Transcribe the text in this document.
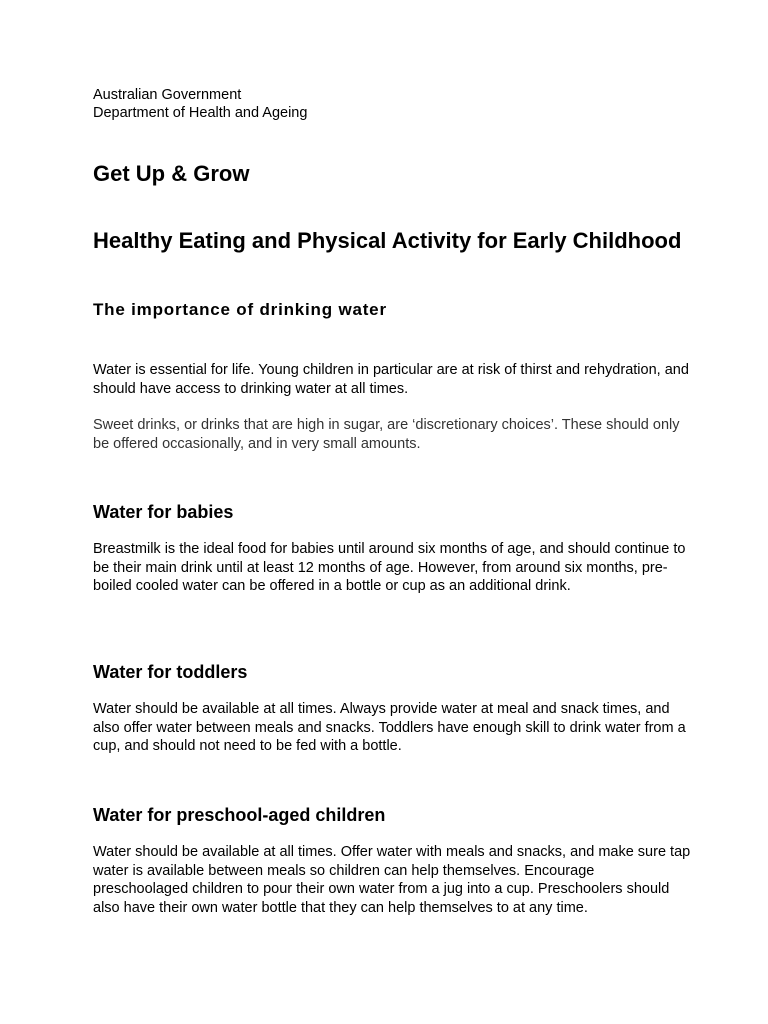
Australian Government
Department of Health and Ageing
Get Up & Grow
Healthy Eating and Physical Activity for Early Childhood
The importance of drinking water

Water is essential for life. Young children in particular are at risk of thirst and rehydration, and should have access to drinking water at all times.

Sweet drinks, or drinks that are high in sugar, are ‘discretionary choices’. These should only be offered occasionally, and in very small amounts.

Water for babies

Breastmilk is the ideal food for babies until around six months of age, and should continue to be their main drink until at least 12 months of age. However, from around six months, pre-boiled cooled water can be offered in a bottle or cup as an additional drink.

Water for toddlers

Water should be available at all times. Always provide water at meal and snack times, and also offer water between meals and snacks. Toddlers have enough skill to drink water from a cup, and should not need to be fed with a bottle.

Water for preschool-aged children

Water should be available at all times. Offer water with meals and snacks, and make sure tap water is available between meals so children can help themselves. Encourage preschoolaged children to pour their own water from a jug into a cup. Preschoolers should also have their own water bottle that they can help themselves to at any time.
